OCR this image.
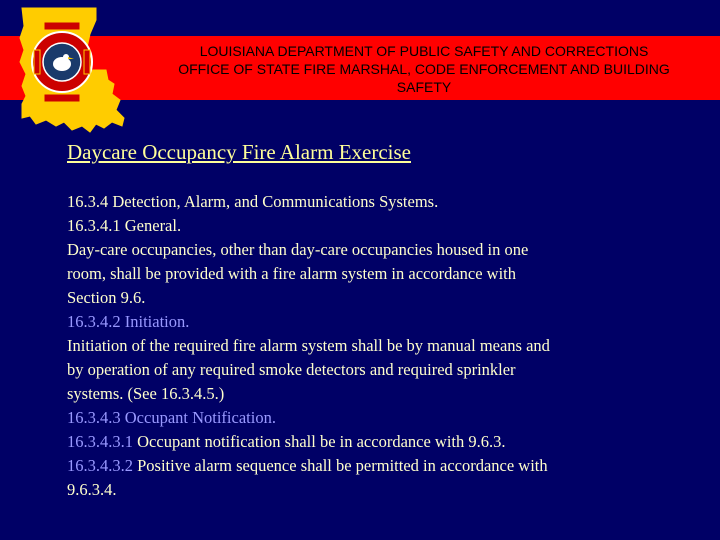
LOUISIANA DEPARTMENT OF PUBLIC SAFETY AND CORRECTIONS
OFFICE OF STATE FIRE MARSHAL, CODE ENFORCEMENT AND BUILDING
SAFETY
Daycare Occupancy Fire Alarm Exercise
16.3.4 Detection, Alarm, and Communications Systems.
16.3.4.1 General.
Day-care occupancies, other than day-care occupancies housed in one
room, shall be provided with a fire alarm system in accordance with
Section 9.6.
16.3.4.2 Initiation.
Initiation of the required fire alarm system shall be by manual means and
by operation of any required smoke detectors and required sprinkler
systems. (See 16.3.4.5.)
16.3.4.3 Occupant Notification.
16.3.4.3.1 Occupant notification shall be in accordance with 9.6.3.
16.3.4.3.2 Positive alarm sequence shall be permitted in accordance with
9.6.3.4.
